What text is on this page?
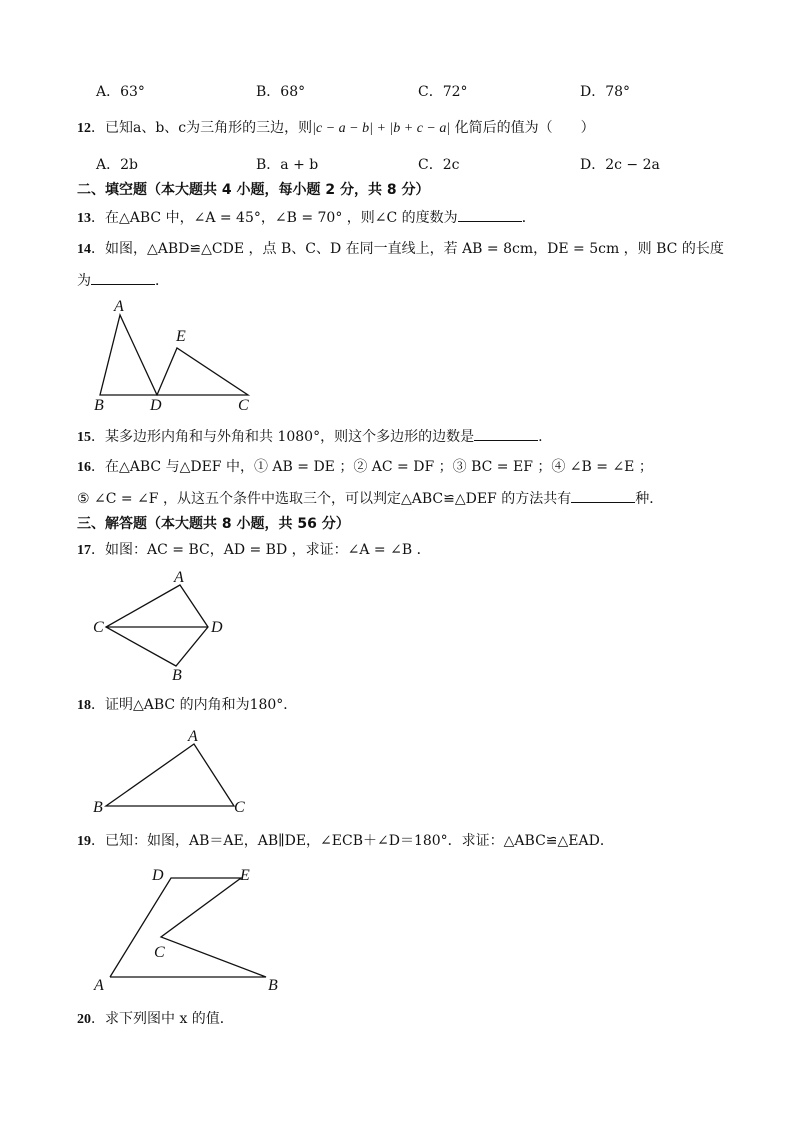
A．63°	B．68°	C．72°	D．78°
12．已知a、b、c为三角形的三边，则|c − a − b| + |b + c − a| 化简后的值为（　　）
A．2b	B．a + b	C．2c	D．2c − 2a
二、填空题（本大题共 4 小题，每小题 2 分，共 8 分）
13．在△ABC 中，∠A = 45°，∠B = 70° ，则∠C 的度数为	．
14．如图，△ABD≌△CDE ，点 B、C、D 在同一直线上，若 AB = 8cm，DE = 5cm ，则 BC 的长度
为	．
A
B	D
E
C
15．某多边形内角和与外角和共 1080°，则这个多边形的边数是	.
16．在△ABC 与△DEF 中，① AB = DE ；② AC = DF ；③ BC = EF ；④ ∠B = ∠E ；
⑤ ∠C = ∠F ，从这五个条件中选取三个，可以判定△ABC≌△DEF 的方法共有	种．
三、解答题（本大题共 8 小题，共 56 分）
17．如图：AC = BC，AD = BD ，求证：∠A = ∠B ．
A
C	D
B
18．证明△ABC 的内角和为180°．
A
B	C
19．已知：如图，AB＝AE，AB∥DE，∠ECB＋∠D＝180°．求证：△ABC≌△EAD．
D	E
C
A	B
20．求下列图中 x 的值．
